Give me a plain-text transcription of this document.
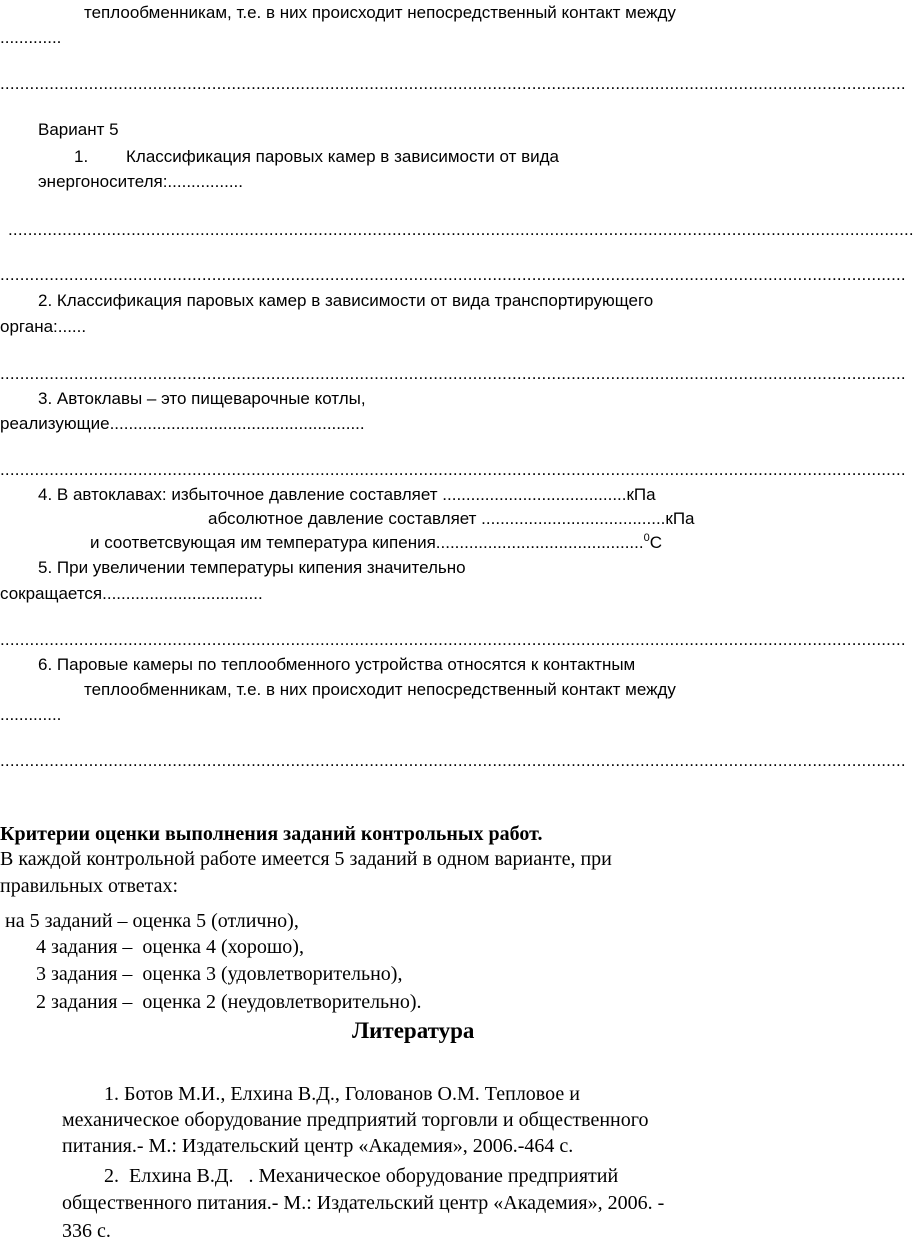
теплообменникам, т.е. в них происходит непосредственный контакт между
.............
........................................................................................................................................................................................
Вариант 5
1. Классификация паровых камер в зависимости от вида
энергоносителя:................
........................................................................................................................................................................................
........................................................................................................................................................................................
2. Классификация паровых камер в зависимости от вида транспортирующего
органа:......
........................................................................................................................................................................................
3. Автоклавы – это пищеварочные котлы,
реализующие......................................................
........................................................................................................................................................................................
4. В автоклавах: избыточное давление составляет .......................................кПа
абсолютное давление составляет .......................................кПа
и соответсвующая им температура кипения............................................$^0$С
5. При увеличении температуры кипения значительно
сокращается..................................
........................................................................................................................................................................................
6. Паровые камеры по теплообменного устройства относятся к контактным
теплообменникам, т.е. в них происходит непосредственный контакт между
.............
........................................................................................................................................................................................
Критерии оценки выполнения заданий контрольных работ.
В каждой контрольной работе имеется 5 заданий в одном варианте, при
правильных ответах:
на 5 заданий – оценка 5 (отлично),
4 задания –  оценка 4 (хорошо),
3 задания –  оценка 3 (удовлетворительно),
2 задания –  оценка 2 (неудовлетворительно).
Литература
1. Ботов М.И., Елхина В.Д., Голованов О.М. Тепловое и
механическое оборудование предприятий торговли и общественного
питания.- М.: Издательский центр «Академия», 2006.-464 с.
2.  Елхина В.Д.   . Механическое оборудование предприятий
общественного питания.- М.: Издательский центр «Академия», 2006. -
336 с.
